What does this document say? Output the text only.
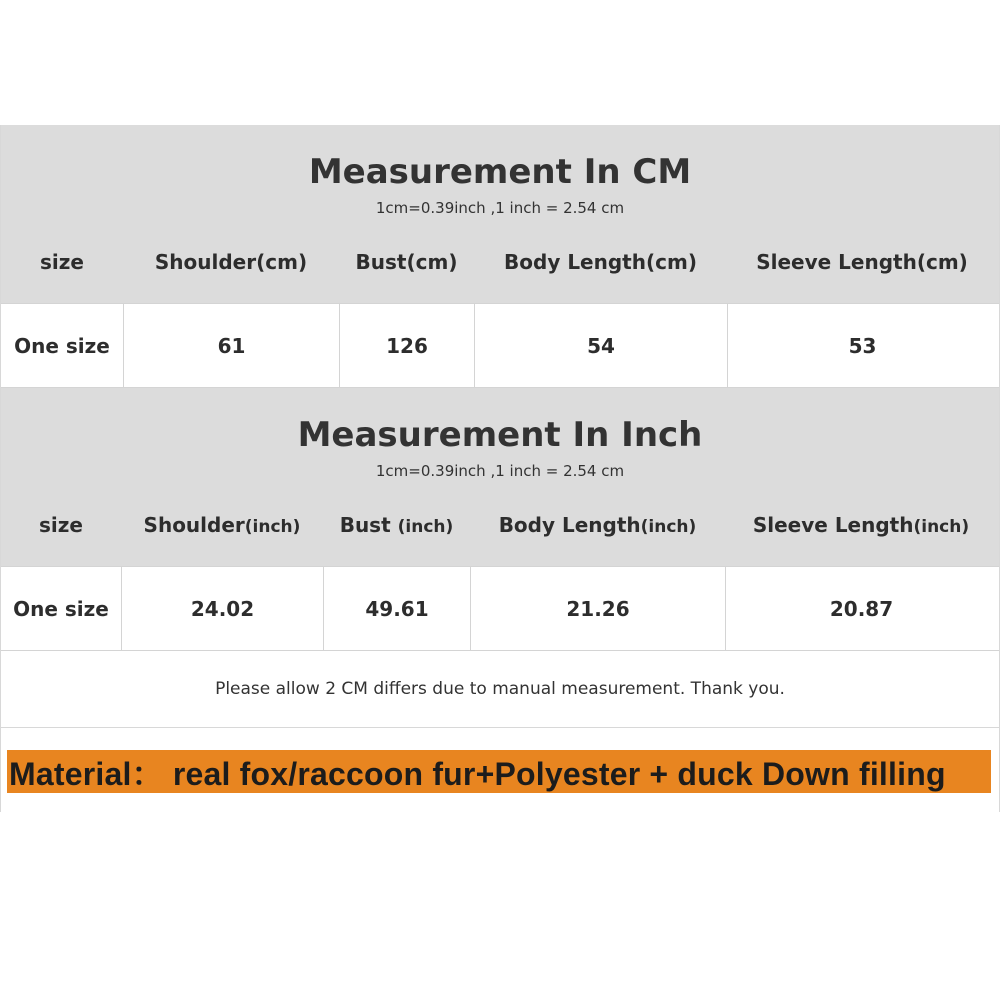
Measurement In CM
1cm=0.39inch ,1 inch = 2.54 cm
size	Shoulder(cm)	Bust(cm)	Body Length(cm)	Sleeve Length(cm)
One size	61	126	54	53
Measurement In Inch
1cm=0.39inch ,1 inch = 2.54 cm
size	Shoulder(inch)	Bust (inch)	Body Length(inch)	Sleeve Length(inch)
One size	24.02	49.61	21.26	20.87
Please allow 2 CM differs due to manual measurement. Thank you.
Material： real fox/raccoon fur+Polyester + duck Down filling
